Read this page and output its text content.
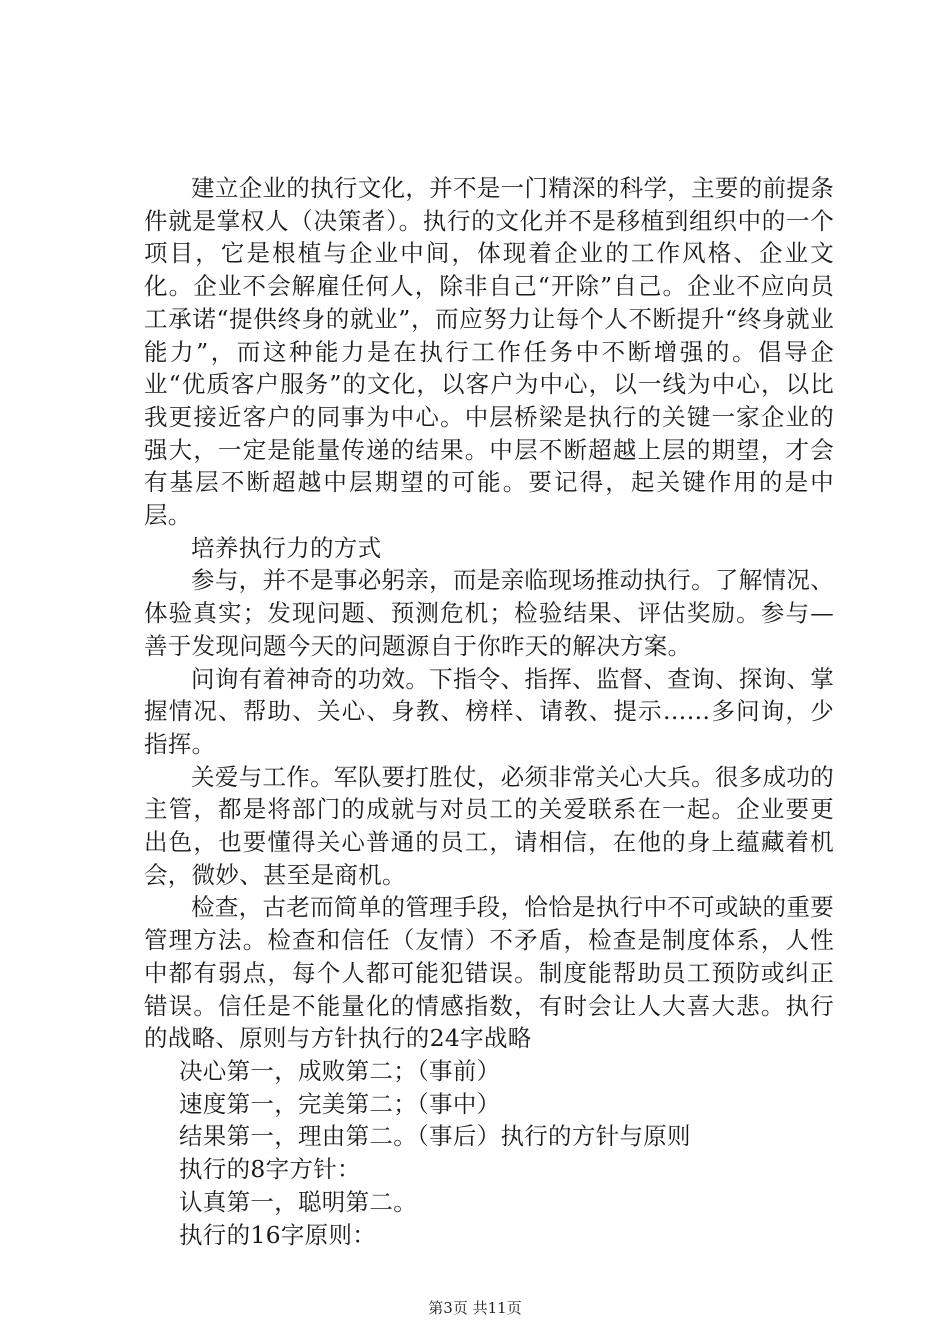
建立企业的执行文化，并不是一门精深的科学，主要的前提条件就是掌权人（决策者）。执行的文化并不是移植到组织中的一个项目，它是根植与企业中间，体现着企业的工作风格、企业文化。企业不会解雇任何人，除非自己“开除”自己。企业不应向员工承诺“提供终身的就业”，而应努力让每个人不断提升“终身就业能力”，而这种能力是在执行工作任务中不断增强的。倡导企业“优质客户服务”的文化，以客户为中心，以一线为中心，以比我更接近客户的同事为中心。中层桥梁是执行的关键一家企业的强大，一定是能量传递的结果。中层不断超越上层的期望，才会有基层不断超越中层期望的可能。要记得，起关键作用的是中层。

培养执行力的方式

参与，并不是事必躬亲，而是亲临现场推动执行。了解情况、体验真实；发现问题、预测危机；检验结果、评估奖励。参与—善于发现问题今天的问题源自于你昨天的解决方案。

问询有着神奇的功效。下指令、指挥、监督、查询、探询、掌握情况、帮助、关心、身教、榜样、请教、提示……多问询，少指挥。

关爱与工作。军队要打胜仗，必须非常关心大兵。很多成功的主管，都是将部门的成就与对员工的关爱联系在一起。企业要更出色，也要懂得关心普通的员工，请相信，在他的身上蕴藏着机会，微妙、甚至是商机。

检查，古老而简单的管理手段，恰恰是执行中不可或缺的重要管理方法。检查和信任（友情）不矛盾，检查是制度体系，人性中都有弱点，每个人都可能犯错误。制度能帮助员工预防或纠正错误。信任是不能量化的情感指数，有时会让人大喜大悲。执行的战略、原则与方针执行的24字战略

决心第一，成败第二；（事前）

速度第一，完美第二；（事中）

结果第一，理由第二。（事后）执行的方针与原则

执行的8字方针：

认真第一，聪明第二。

执行的16字原则：

第3页 共11页
